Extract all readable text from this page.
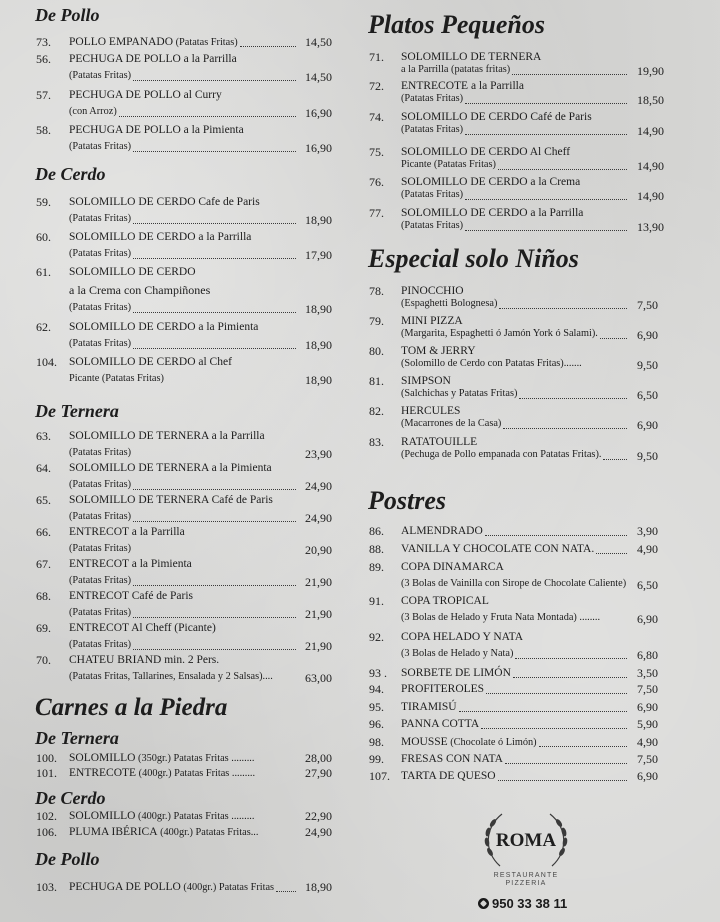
De Pollo
De Cerdo
De Ternera
Carnes a la Piedra
De Ternera
De Cerdo
De Pollo
Platos Pequeños
Especial solo Niños
Postres
73. POLLO EMPANADO (Patatas Fritas)	14,50
56. PECHUGA DE POLLO a la Parrilla
(Patatas Fritas)	14,50
57. PECHUGA DE POLLO al Curry
(con Arroz)	16,90
58. PECHUGA DE POLLO a la Pimienta
(Patatas Fritas)	16,90
59. SOLOMILLO DE CERDO Cafe de Paris
(Patatas Fritas)	18,90
60. SOLOMILLO DE CERDO a la Parrilla
(Patatas Fritas)	17,90
61. SOLOMILLO DE CERDO
a la Crema con Champiñones
(Patatas Fritas)	18,90
62. SOLOMILLO DE CERDO a la Pimienta
(Patatas Fritas)	18,90
104. SOLOMILLO DE CERDO al Chef
Picante (Patatas Fritas)	18,90
63. SOLOMILLO DE TERNERA a la Parrilla
(Patatas Fritas)	23,90
64. SOLOMILLO DE TERNERA a la Pimienta
(Patatas Fritas)	24,90
65. SOLOMILLO DE TERNERA Café de Paris
(Patatas Fritas)	24,90
66. ENTRECOT a la Parrilla
(Patatas Fritas)	20,90
67. ENTRECOT a la Pimienta
(Patatas Fritas)	21,90
68. ENTRECOT Café de Paris
(Patatas Fritas)	21,90
69. ENTRECOT Al Cheff (Picante)
(Patatas Fritas)	21,90
70. CHATEU BRIAND min. 2 Pers.
(Patatas Fritas, Tallarines, Ensalada y 2 Salsas)....	63,00
100. SOLOMILLO (350gr.) Patatas Fritas .........	28,00
101. ENTRECOTE (400gr.) Patatas Fritas .........	27,90
102. SOLOMILLO (400gr.) Patatas Fritas .........	22,90
106. PLUMA IBÉRICA (400gr.) Patatas Fritas...	24,90
103. PECHUGA DE POLLO (400gr.) Patatas Fritas	18,90
71. SOLOMILLO DE TERNERA
a la Parrilla (patatas fritas)	19,90
72. ENTRECOTE a la Parrilla
(Patatas Fritas)	18,50
74. SOLOMILLO DE CERDO Café de Paris
(Patatas Fritas)	14,90
75. SOLOMILLO DE CERDO Al Cheff
Picante (Patatas Fritas)	14,90
76. SOLOMILLO DE CERDO a la Crema
(Patatas Fritas)	14,90
77. SOLOMILLO DE CERDO a la Parrilla
(Patatas Fritas)	13,90
78. PINOCCHIO
(Espaghetti Bolognesa)	7,50
79. MINI PIZZA
(Margarita, Espaghetti ó Jamón York ó Salami).	6,90
80. TOM & JERRY
(Solomillo de Cerdo con Patatas Fritas).......	9,50
81. SIMPSON
(Salchichas y Patatas Fritas)	6,50
82. HERCULES
(Macarrones de la Casa)	6,90
83. RATATOUILLE
(Pechuga de Pollo empanada con Patatas Fritas).	9,50
86. ALMENDRADO	3,90
88. VANILLA Y CHOCOLATE CON NATA.	4,90
89. COPA DINAMARCA
(3 Bolas de Vainilla con Sirope de Chocolate Caliente) 6,50
91. COPA TROPICAL
(3 Bolas de Helado y Fruta Nata Montada) ........	6,90
92. COPA HELADO Y NATA
(3 Bolas de Helado y Nata)	6,80
93 . SORBETE DE LIMÓN	3,50
94. PROFITEROLES	7,50
95. TIRAMISÚ	6,90
96. PANNA COTTA	5,90
98. MOUSSE (Chocolate ó Limón)	4,90
99. FRESAS CON NATA	7,50
107. TARTA DE QUESO	6,90
ROMA
RESTAURANTE
PIZZERIA
950 33 38 11
